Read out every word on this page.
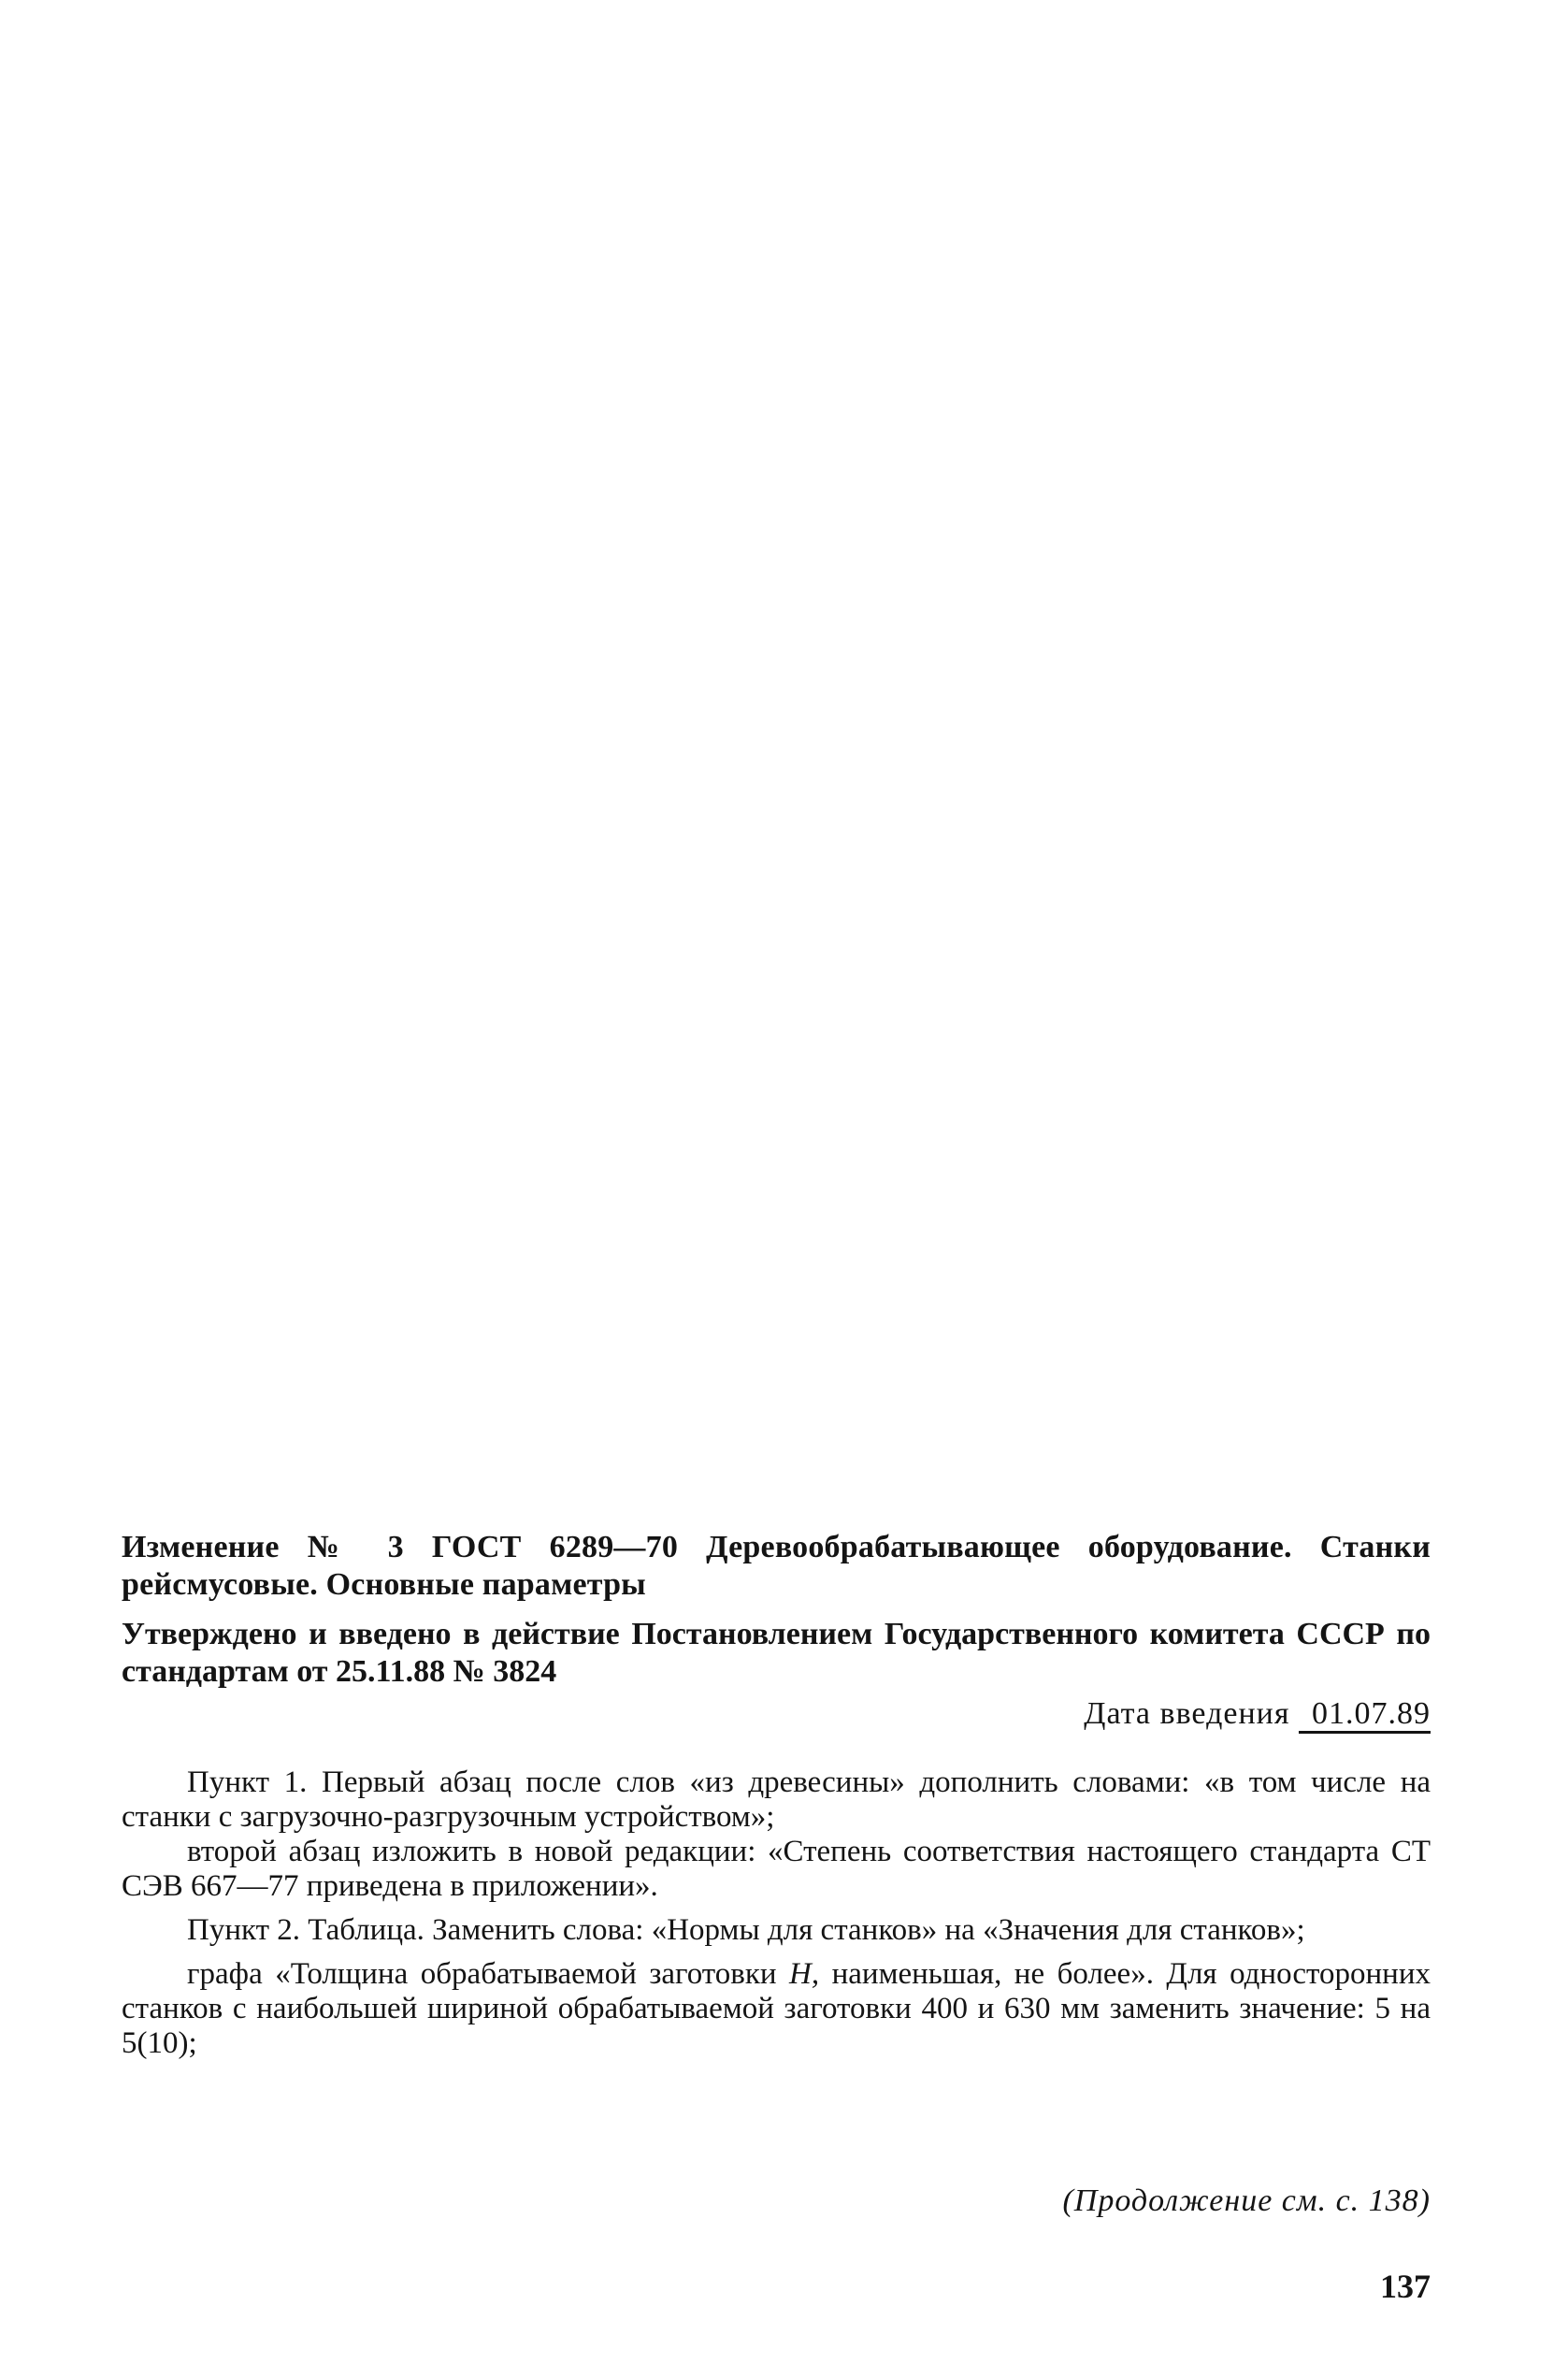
Изменение № 3 ГОСТ 6289—70 Деревообрабатывающее оборудование. Станки рейсмусовые. Основные параметры
Утверждено и введено в действие Постановлением Государственного комитета СССР по стандартам от 25.11.88 № 3824
Дата введения 01.07.89

Пункт 1. Первый абзац после слов «из древесины» дополнить словами: «в том числе на станки с загрузочно-разгрузочным устройством»;

второй абзац изложить в новой редакции: «Степень соответствия настоящего стандарта СТ СЭВ 667—77 приведена в приложении».

Пункт 2. Таблица. Заменить слова: «Нормы для станков» на «Значения для станков»;

графа «Толщина обрабатываемой заготовки H, наименьшая, не более». Для односторонних станков с наибольшей шириной обрабатываемой заготовки 400 и 630 мм заменить значение: 5 на 5(10);

(Продолжение см. с. 138)
137
